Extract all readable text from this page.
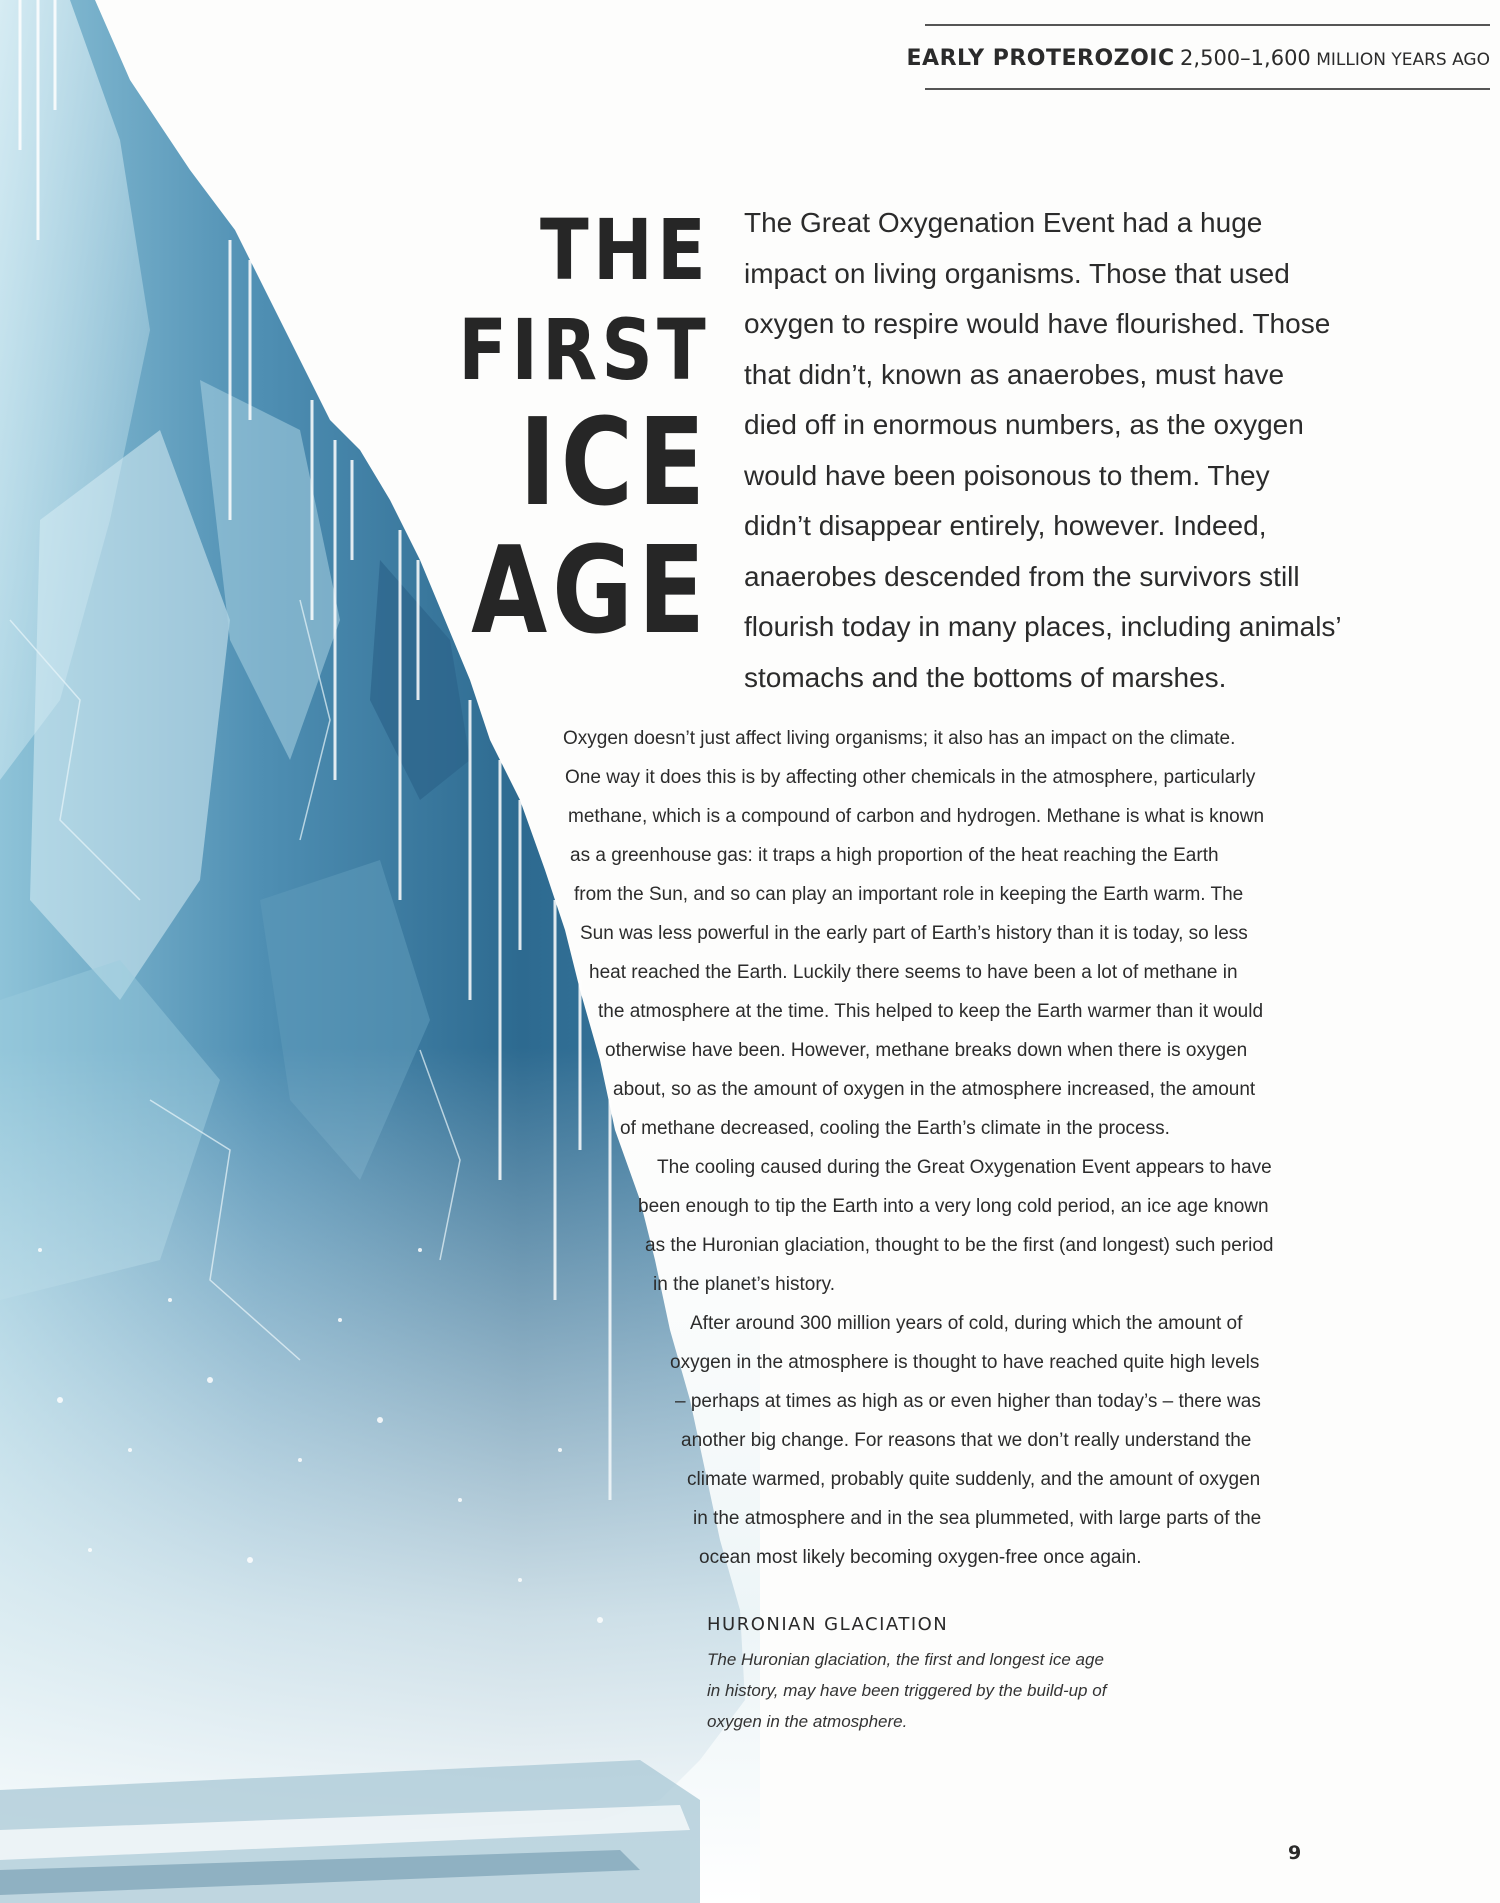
EARLY PROTEROZOIC 2,500–1,600 MILLION YEARS AGO
THE FIRST
ICE
AGE

The Great Oxygenation Event had a huge impact on living organisms. Those that used oxygen to respire would have flourished. Those that didn’t, known as anaerobes, must have died off in enormous numbers, as the oxygen would have been poisonous to them. They didn’t disappear entirely, however. Indeed, anaerobes descended from the survivors still flourish today in many places, including animals’ stomachs and the bottoms of marshes.

Oxygen doesn’t just affect living organisms; it also has an impact on the climate.
One way it does this is by affecting other chemicals in the atmosphere, particularly
methane, which is a compound of carbon and hydrogen. Methane is what is known
as a greenhouse gas: it traps a high proportion of the heat reaching the Earth
from the Sun, and so can play an important role in keeping the Earth warm. The
Sun was less powerful in the early part of Earth’s history than it is today, so less
heat reached the Earth. Luckily there seems to have been a lot of methane in
the atmosphere at the time. This helped to keep the Earth warmer than it would
otherwise have been. However, methane breaks down when there is oxygen
about, so as the amount of oxygen in the atmosphere increased, the amount
of methane decreased, cooling the Earth’s climate in the process.
The cooling caused during the Great Oxygenation Event appears to have
been enough to tip the Earth into a very long cold period, an ice age known
as the Huronian glaciation, thought to be the first (and longest) such period
in the planet’s history.
After around 300 million years of cold, during which the amount of
oxygen in the atmosphere is thought to have reached quite high levels
– perhaps at times as high as or even higher than today’s – there was
another big change. For reasons that we don’t really understand the
climate warmed, probably quite suddenly, and the amount of oxygen
in the atmosphere and in the sea plummeted, with large parts of the
ocean most likely becoming oxygen-free once again.
HURONIAN GLACIATION
The Huronian glaciation, the first and longest ice age
in history, may have been triggered by the build-up of
oxygen in the atmosphere.
9
